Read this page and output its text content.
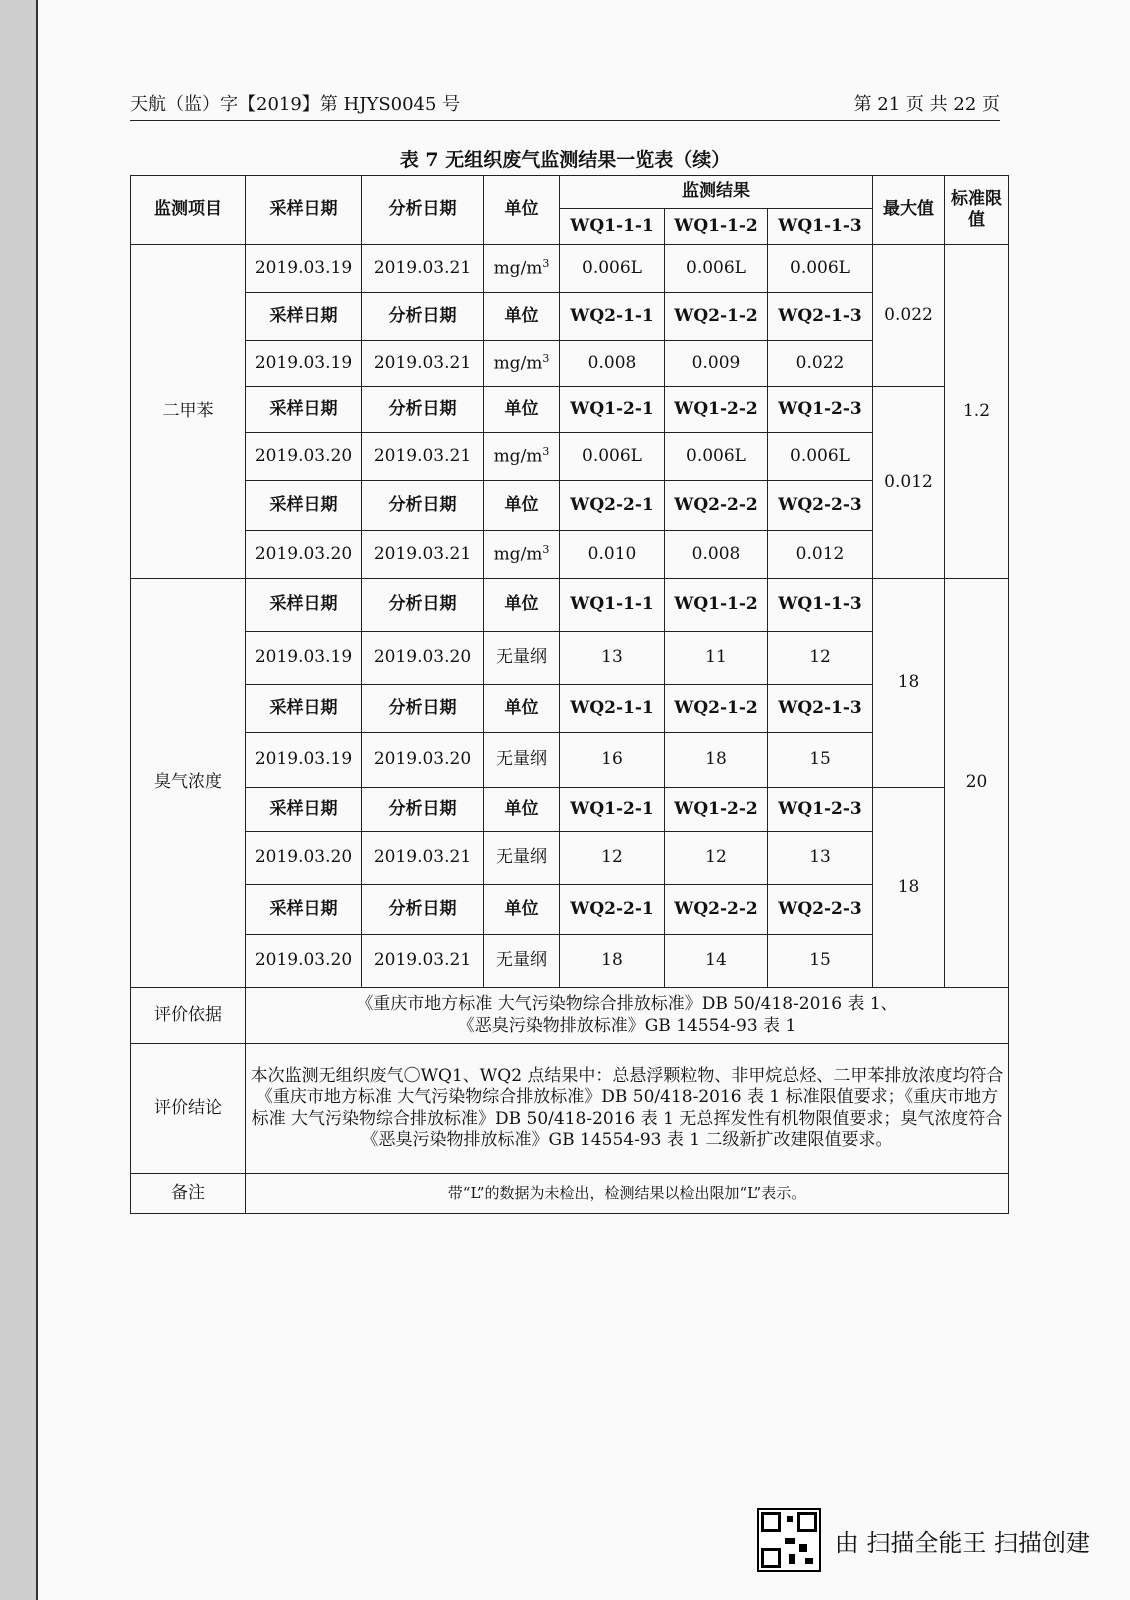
天航（监）字【2019】第 HJYS0045 号	第 21 页 共 22 页
表 7 无组织废气监测结果一览表（续）
监测项目	采样日期	分析日期	单位	监测结果			最大值	标准限值
				WQ1-1-1	WQ1-1-2	WQ1-1-3		
二甲苯	2019.03.19	2019.03.21	$mg/m^3$	0.006L	0.006L	0.006L	0.022	1.2
	采样日期	分析日期	单位	WQ2-1-1	WQ2-1-2	WQ2-1-3		
	2019.03.19	2019.03.21	$mg/m^3$	0.008	0.009	0.022		
	采样日期	分析日期	单位	WQ1-2-1	WQ1-2-2	WQ1-2-3	0.012	
	2019.03.20	2019.03.21	$mg/m^3$	0.006L	0.006L	0.006L		
	采样日期	分析日期	单位	WQ2-2-1	WQ2-2-2	WQ2-2-3		
	2019.03.20	2019.03.21	$mg/m^3$	0.010	0.008	0.012		
臭气浓度	采样日期	分析日期	单位	WQ1-1-1	WQ1-1-2	WQ1-1-3	18	20
	2019.03.19	2019.03.20	无量纲	13	11	12		
	采样日期	分析日期	单位	WQ2-1-1	WQ2-1-2	WQ2-1-3		
	2019.03.19	2019.03.20	无量纲	16	18	15		
	采样日期	分析日期	单位	WQ1-2-1	WQ1-2-2	WQ1-2-3	18	
	2019.03.20	2019.03.21	无量纲	12	12	13		
	采样日期	分析日期	单位	WQ2-2-1	WQ2-2-2	WQ2-2-3		
	2019.03.20	2019.03.21	无量纲	18	14	15		
评价依据	《重庆市地方标准 大气污染物综合排放标准》DB 50/418-2016 表 1、
《恶臭污染物排放标准》GB 14554-93 表 1							

评价结论	本次监测无组织废气〇WQ1、WQ2 点结果中：总悬浮颗粒物、非甲烷总烃、二甲苯排放浓度均符合《重庆市地方标准 大气污染物综合排放标准》DB 50/418-2016 表 1 标准限值要求；《重庆市地方标准 大气污染物综合排放标准》DB 50/418-2016 表 1 无总挥发性有机物限值要求；臭气浓度符合《恶臭污染物排放标准》GB 14554-93 表 1 二级新扩改建限值要求。							
备注	带“L”的数据为未检出，检测结果以检出限加“L”表示。							
由 扫描全能王 扫描创建
